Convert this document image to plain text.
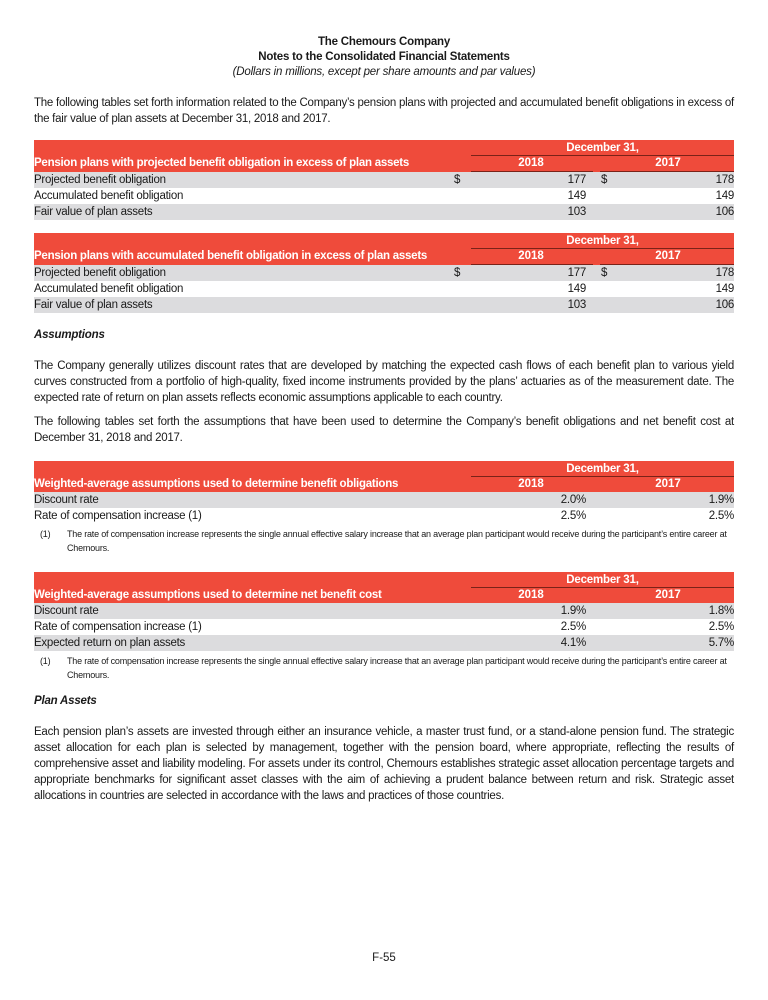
The Chemours Company
Notes to the Consolidated Financial Statements
(Dollars in millions, except per share amounts and par values)
The following tables set forth information related to the Company’s pension plans with projected and accumulated benefit obligations in excess of the fair value of plan assets at December 31, 2018 and 2017.
December 31,
Pension plans with projected benefit obligation in excess of plan assets	2018	2017
Projected benefit obligation	$	177 $	178
Accumulated benefit obligation	149	149
Fair value of plan assets	103	106
December 31,
Pension plans with accumulated benefit obligation in excess of plan assets	2018	2017
Projected benefit obligation	$	177 $	178
Accumulated benefit obligation	149	149
Fair value of plan assets	103	106
Assumptions
The Company generally utilizes discount rates that are developed by matching the expected cash flows of each benefit plan to various yield curves constructed from a portfolio of high-quality, fixed income instruments provided by the plans’ actuaries as of the measurement date. The expected rate of return on plan assets reflects economic assumptions applicable to each country.
The following tables set forth the assumptions that have been used to determine the Company’s benefit obligations and net benefit cost at December 31, 2018 and 2017.
December 31,
Weighted-average assumptions used to determine benefit obligations	2018	2017
Discount rate	2.0%	1.9%
Rate of compensation increase (1)	2.5%	2.5%
(1) The rate of compensation increase represents the single annual effective salary increase that an average plan participant would receive during the participant’s entire career at Chemours.
December 31,
Weighted-average assumptions used to determine net benefit cost	2018	2017
Discount rate	1.9%	1.8%
Rate of compensation increase (1)	2.5%	2.5%
Expected return on plan assets	4.1%	5.7%
(1) The rate of compensation increase represents the single annual effective salary increase that an average plan participant would receive during the participant’s entire career at Chemours.
Plan Assets
Each pension plan’s assets are invested through either an insurance vehicle, a master trust fund, or a stand-alone pension fund. The strategic asset allocation for each plan is selected by management, together with the pension board, where appropriate, reflecting the results of comprehensive asset and liability modeling. For assets under its control, Chemours establishes strategic asset allocation percentage targets and appropriate benchmarks for significant asset classes with the aim of achieving a prudent balance between return and risk. Strategic asset allocations in countries are selected in accordance with the laws and practices of those countries.
F-55
